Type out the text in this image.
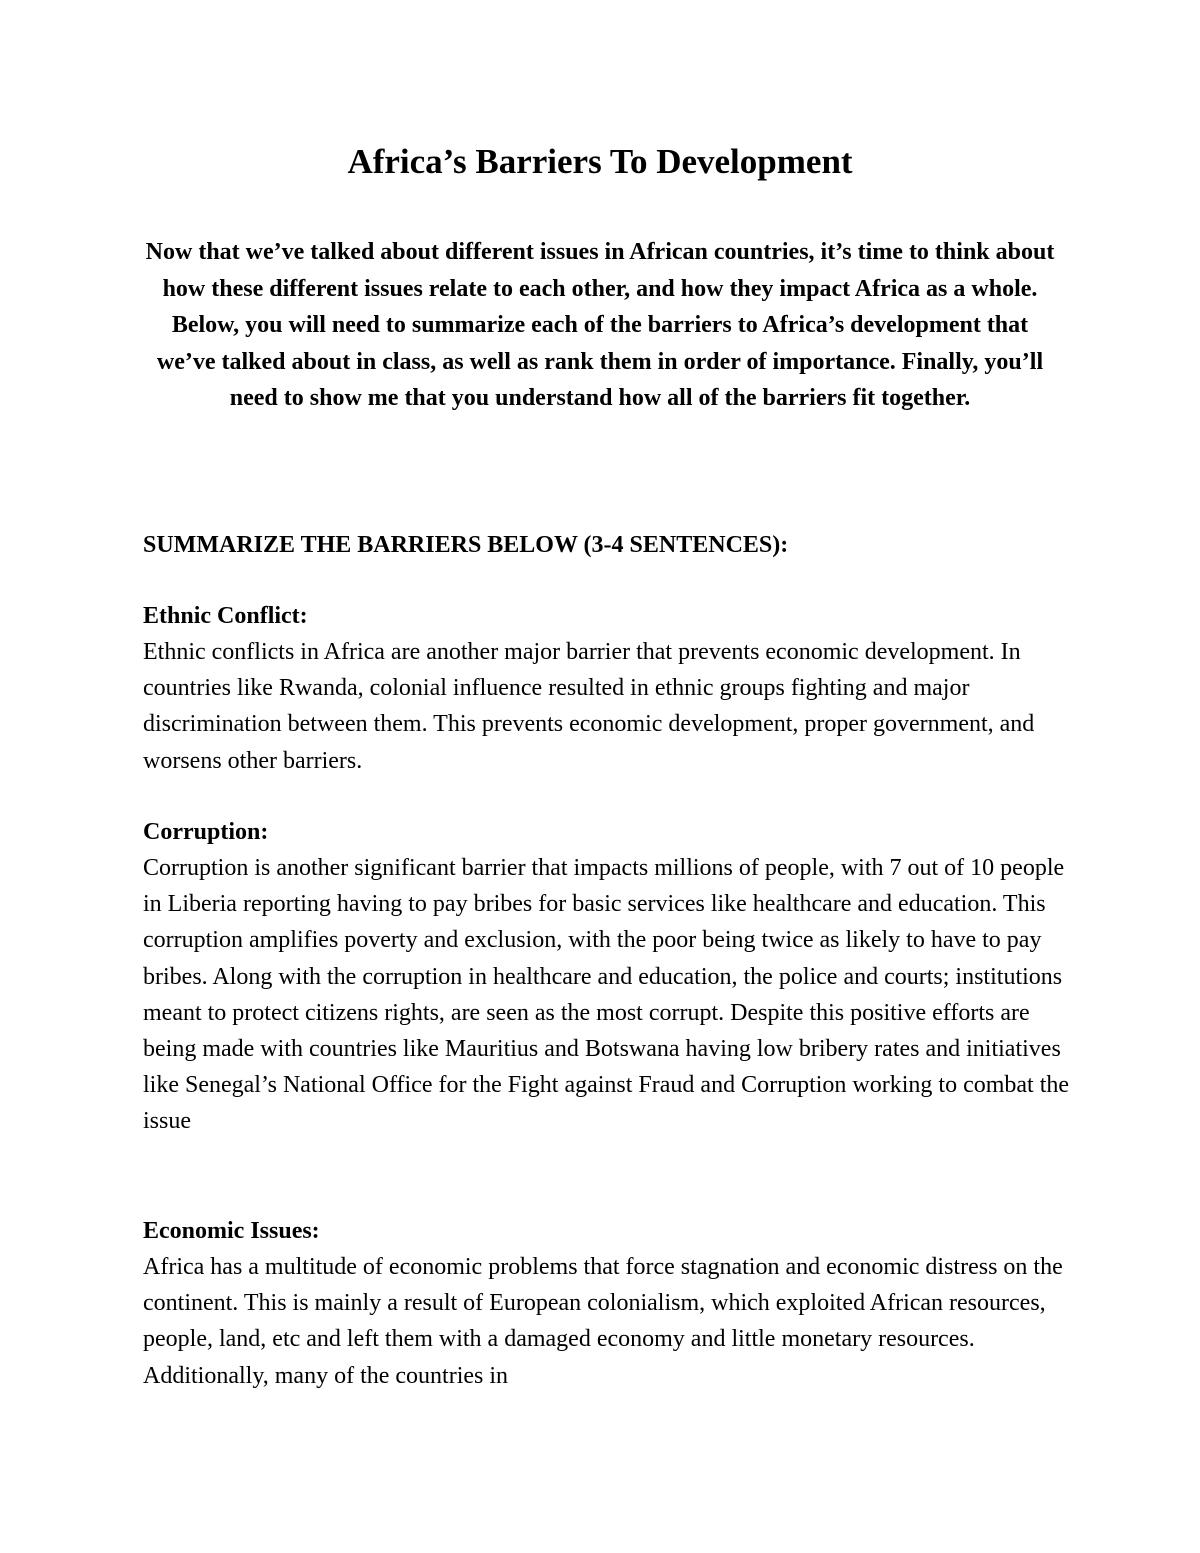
Africa’s Barriers To Development

Now that we’ve talked about different issues in African countries, it’s time to think about how these different issues relate to each other, and how they impact Africa as a whole. Below, you will need to summarize each of the barriers to Africa’s development that we’ve talked about in class, as well as rank them in order of importance. Finally, you’ll need to show me that you understand how all of the barriers fit together.

SUMMARIZE THE BARRIERS BELOW (3-4 SENTENCES):

Ethnic Conflict:

Ethnic conflicts in Africa are another major barrier that prevents economic development. In countries like Rwanda, colonial influence resulted in ethnic groups fighting and major discrimination between them. This prevents economic development, proper government, and worsens other barriers.

Corruption:

Corruption is another significant barrier that impacts millions of people, with 7 out of 10 people in Liberia reporting having to pay bribes for basic services like healthcare and education. This corruption amplifies poverty and exclusion, with the poor being twice as likely to have to pay bribes. Along with the corruption in healthcare and education, the police and courts; institutions meant to protect citizens rights, are seen as the most corrupt. Despite this positive efforts are being made with countries like Mauritius and Botswana having low bribery rates and initiatives like Senegal’s National Office for the Fight against Fraud and Corruption working to combat the issue

Economic Issues:

Africa has a multitude of economic problems that force stagnation and economic distress on the continent. This is mainly a result of European colonialism, which exploited African resources, people, land, etc and left them with a damaged economy and little monetary resources. Additionally, many of the countries in
